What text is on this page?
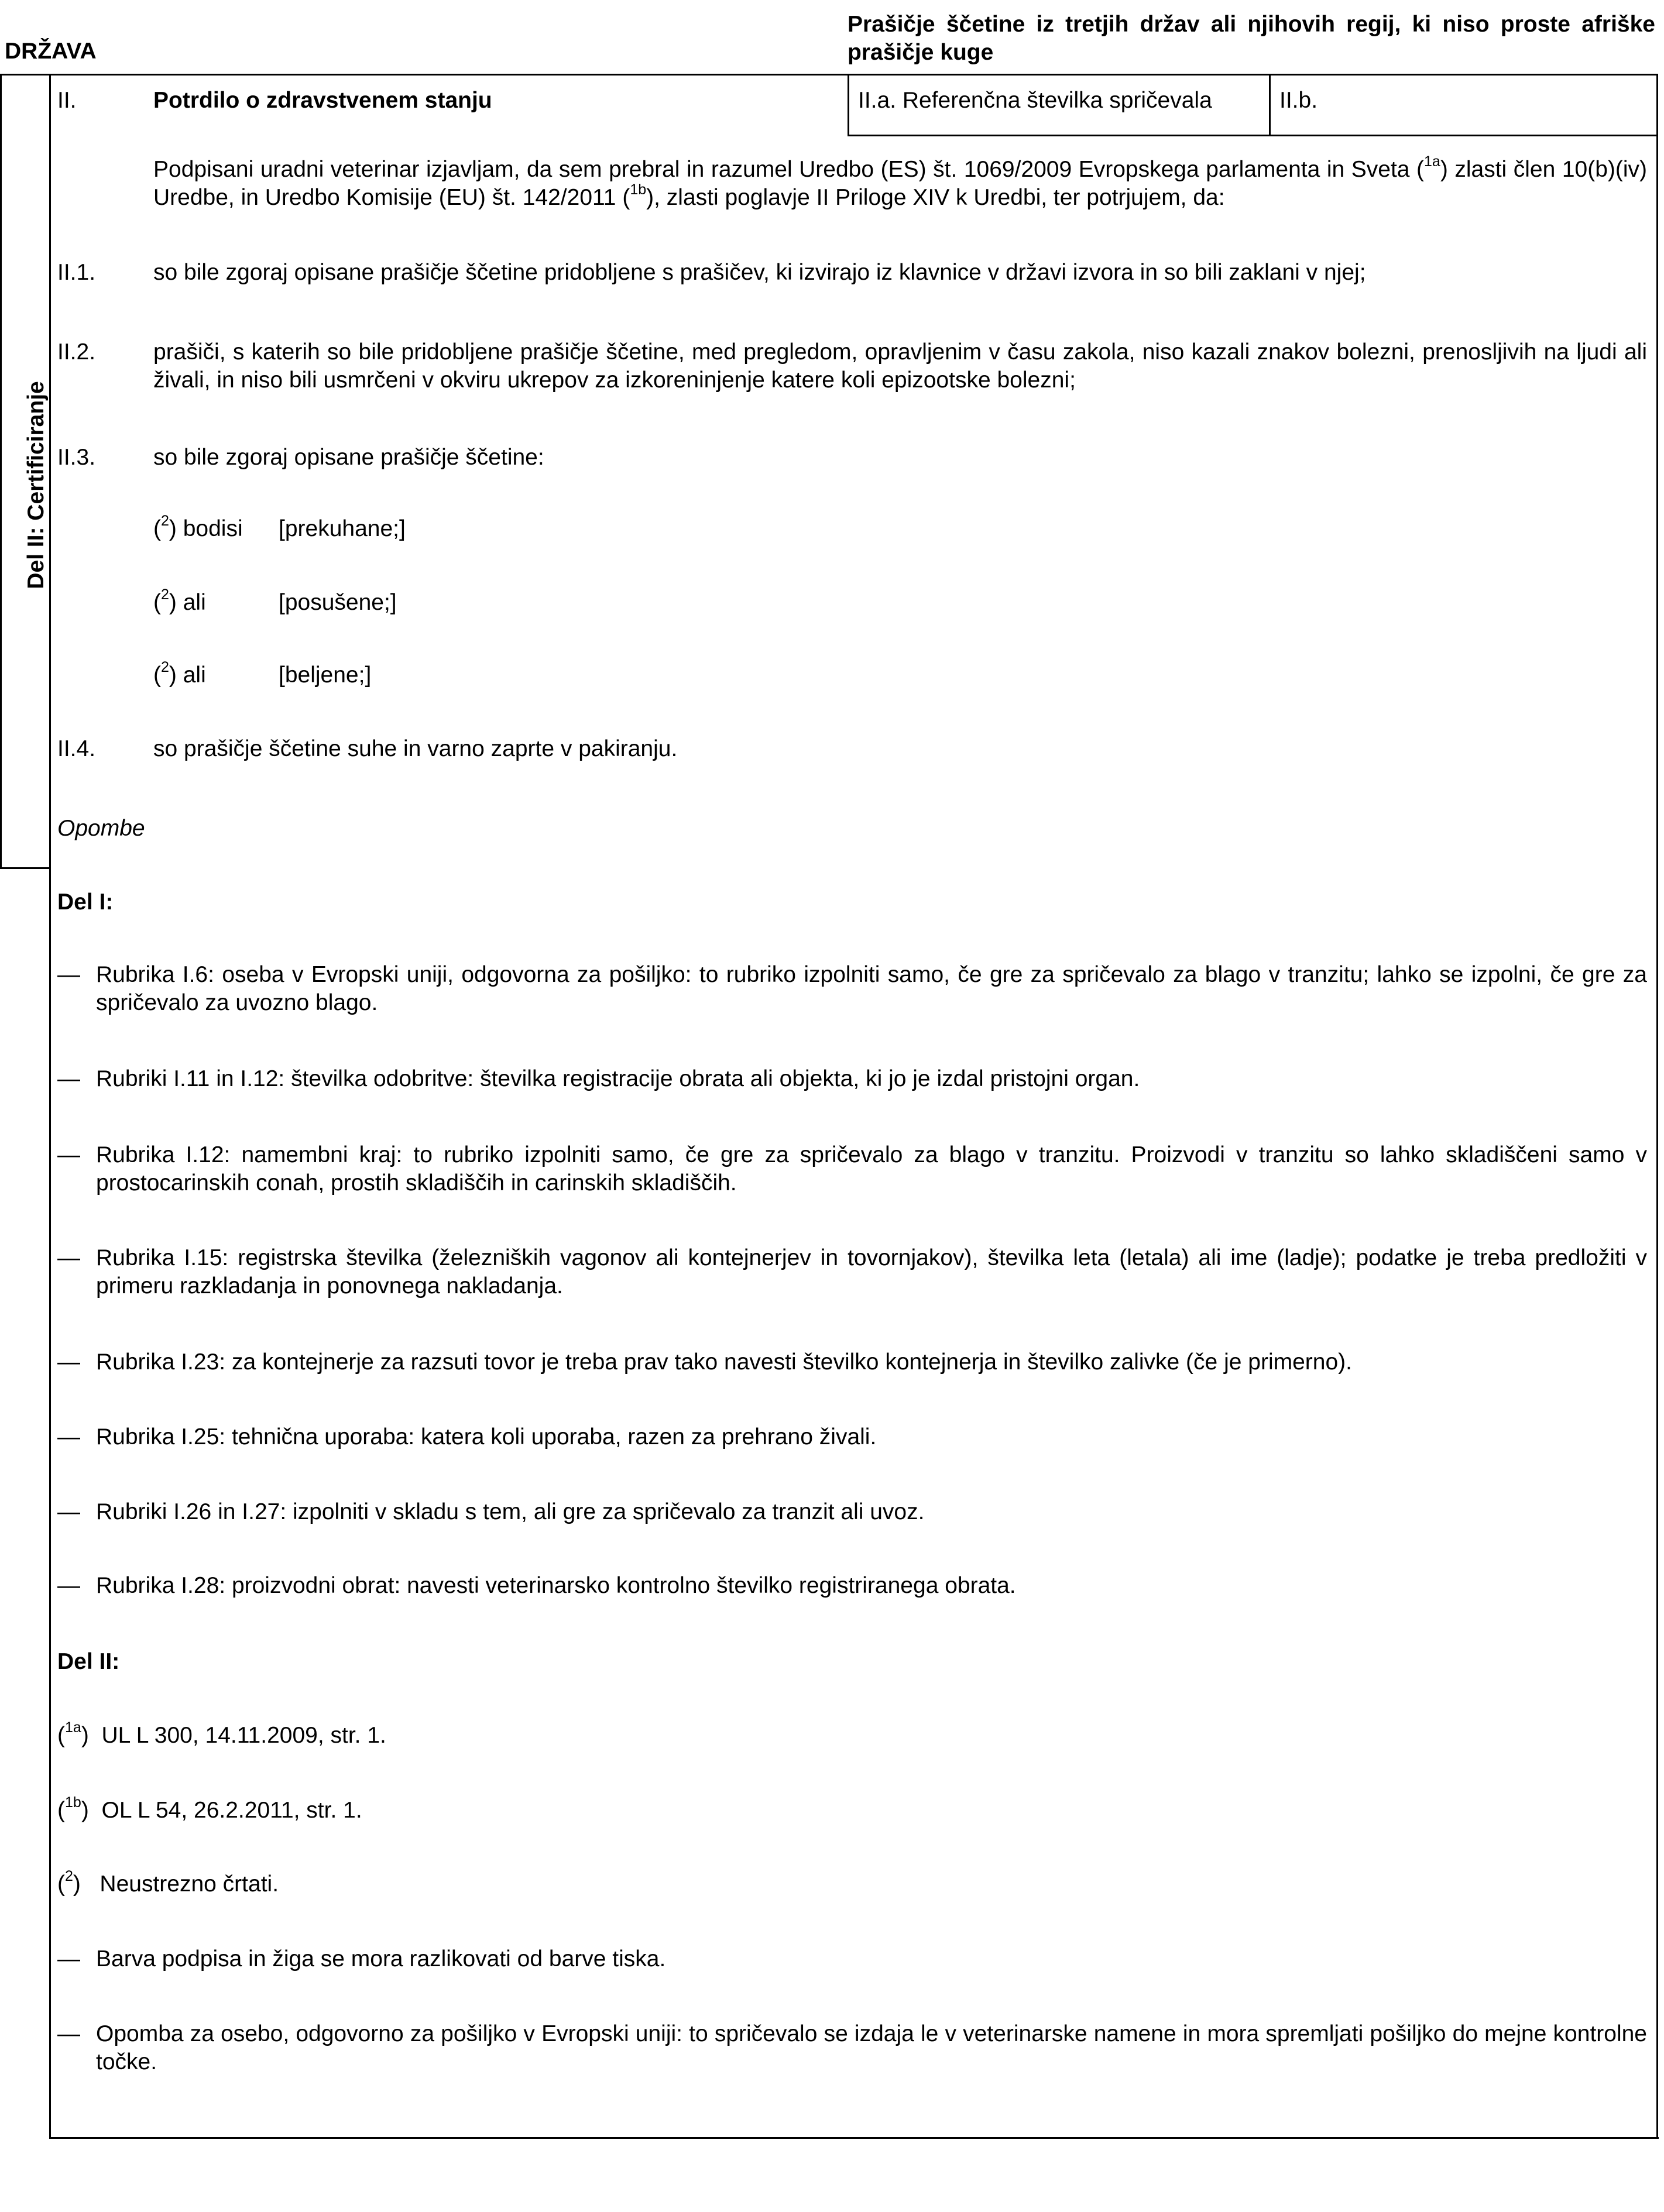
DRŽAVA
Prašičje ščetine iz tretjih držav ali njihovih regij, ki niso proste afriške prašičje kuge
Del II: Certificiranje
II.	Potrdilo o zdravstvenem stanju	II.a. Referenčna številka spričevala	II.b.
Podpisani uradni veterinar izjavljam, da sem prebral in razumel Uredbo (ES) št. 1069/2009 Evropskega parlamenta in Sveta ($^{1a}$) zlasti člen 10(b)(iv) Uredbe, in Uredbo Komisije (EU) št. 142/2011 ($^{1b}$), zlasti poglavje II Priloge XIV k Uredbi, ter potrjujem, da:
II.1.	so bile zgoraj opisane prašičje ščetine pridobljene s prašičev, ki izvirajo iz klavnice v državi izvora in so bili zaklani v njej;
II.2.	prašiči, s katerih so bile pridobljene prašičje ščetine, med pregledom, opravljenim v času zakola, niso kazali znakov bolezni, prenosljivih na ljudi ali živali, in niso bili usmrčeni v okviru ukrepov za izkoreninjenje katere koli epizootske bolezni;
II.3.	so bile zgoraj opisane prašičje ščetine:
($^2$) bodisi [prekuhane;]
($^2$) ali	[posušene;]
($^2$) ali	[beljene;]
II.4.	so prašičje ščetine suhe in varno zaprte v pakiranju.
Opombe
Del I:
— Rubrika I.6: oseba v Evropski uniji, odgovorna za pošiljko: to rubriko izpolniti samo, če gre za spričevalo za blago v tranzitu; lahko se izpolni, če gre za spričevalo za uvozno blago.
— Rubriki I.11 in I.12: številka odobritve: številka registracije obrata ali objekta, ki jo je izdal pristojni organ.
— Rubrika I.12: namembni kraj: to rubriko izpolniti samo, če gre za spričevalo za blago v tranzitu. Proizvodi v tranzitu so lahko skladiščeni samo v prostocarinskih conah, prostih skladiščih in carinskih skladiščih.
— Rubrika I.15: registrska številka (železniških vagonov ali kontejnerjev in tovornjakov), številka leta (letala) ali ime (ladje); podatke je treba predložiti v primeru razkladanja in ponovnega nakladanja.
— Rubrika I.23: za kontejnerje za razsuti tovor je treba prav tako navesti številko kontejnerja in številko zalivke (če je primerno).
— Rubrika I.25: tehnična uporaba: katera koli uporaba, razen za prehrano živali.
— Rubriki I.26 in I.27: izpolniti v skladu s tem, ali gre za spričevalo za tranzit ali uvoz.
— Rubrika I.28: proizvodni obrat: navesti veterinarsko kontrolno številko registriranega obrata.
Del II:
($^{1a}$)  UL L 300, 14.11.2009, str. 1.
($^{1b}$)  OL L 54, 26.2.2011, str. 1.
($^2$)   Neustrezno črtati.
— Barva podpisa in žiga se mora razlikovati od barve tiska.
— Opomba za osebo, odgovorno za pošiljko v Evropski uniji: to spričevalo se izdaja le v veterinarske namene in mora spremljati pošiljko do mejne kontrolne točke.
